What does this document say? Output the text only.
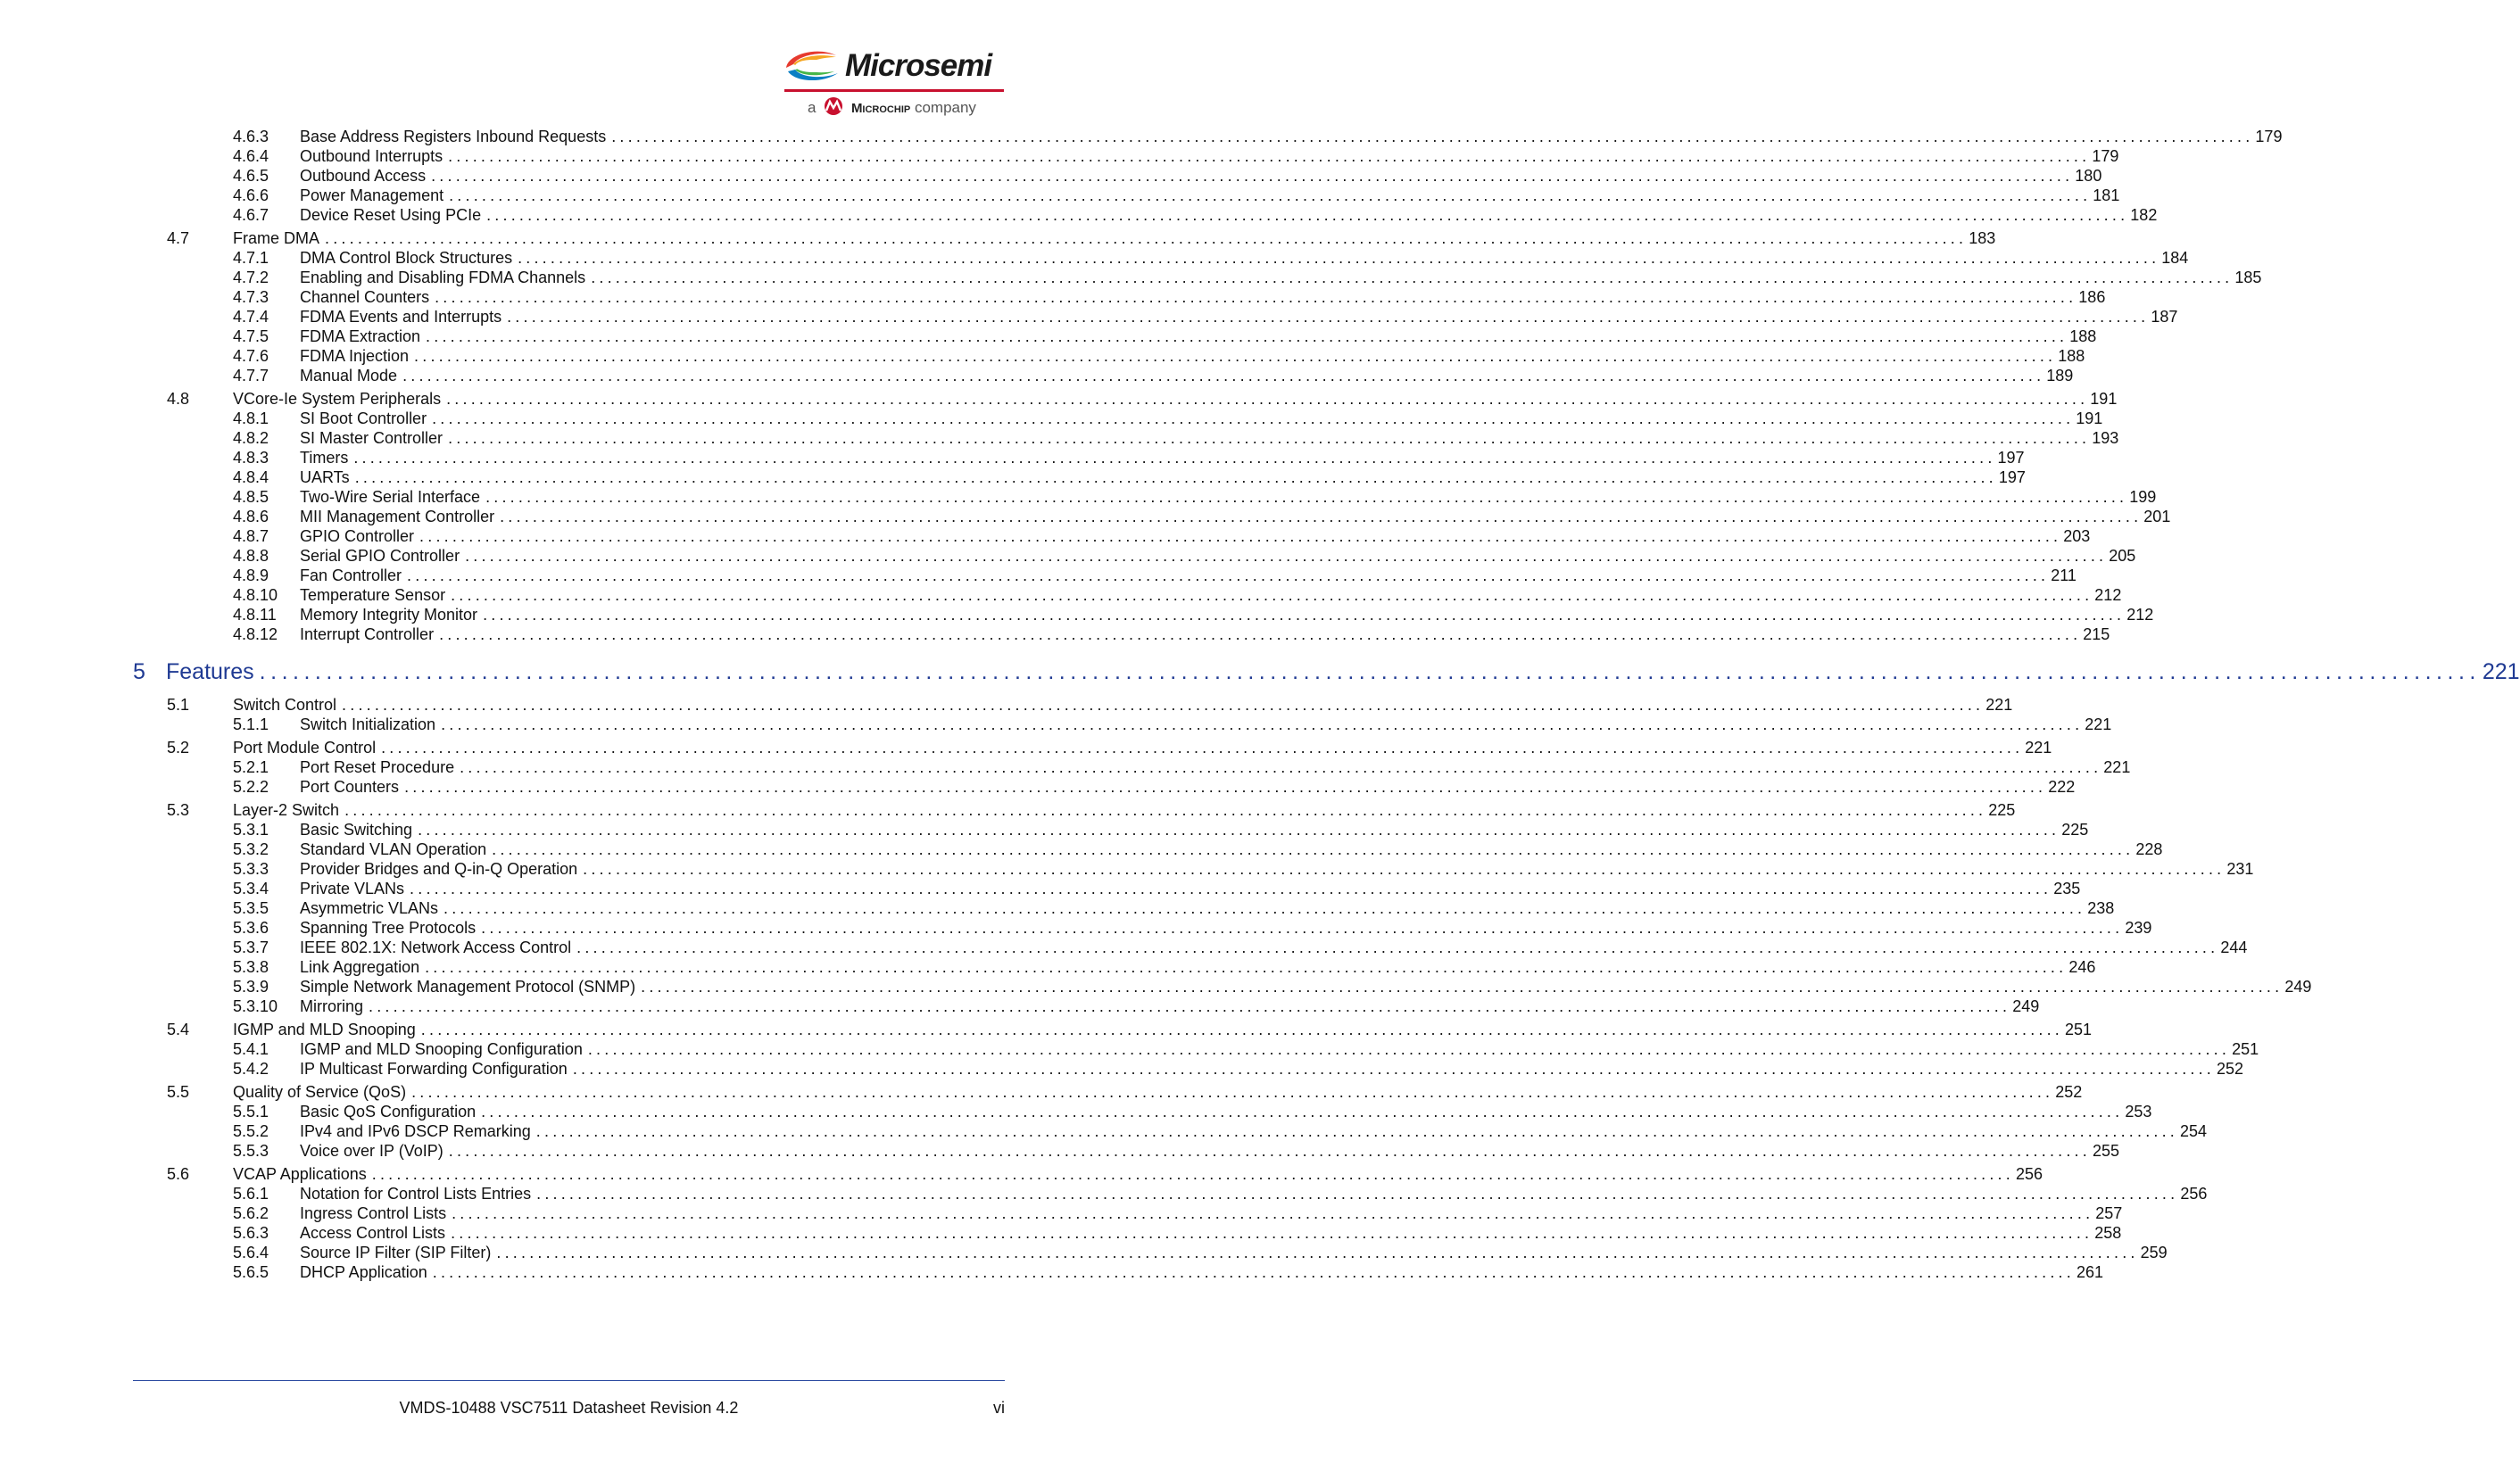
Microsemi
a	Microchip company
4.6.3 Base Address Registers Inbound Requests ........................................................................................................................................................................................................ 179
4.6.4 Outbound Interrupts ........................................................................................................................................................................................................ 179
4.6.5 Outbound Access ........................................................................................................................................................................................................ 180
4.6.6 Power Management ........................................................................................................................................................................................................ 181
4.6.7 Device Reset Using PCIe ........................................................................................................................................................................................................ 182
4.7	Frame DMA ........................................................................................................................................................................................................ 183
4.7.1 DMA Control Block Structures ........................................................................................................................................................................................................ 184
4.7.2 Enabling and Disabling FDMA Channels ........................................................................................................................................................................................................ 185
4.7.3 Channel Counters ........................................................................................................................................................................................................ 186
4.7.4 FDMA Events and Interrupts ........................................................................................................................................................................................................ 187
4.7.5 FDMA Extraction ........................................................................................................................................................................................................ 188
4.7.6 FDMA Injection ........................................................................................................................................................................................................ 188
4.7.7 Manual Mode ........................................................................................................................................................................................................ 189
4.8	VCore-Ie System Peripherals ........................................................................................................................................................................................................ 191
4.8.1 SI Boot Controller ........................................................................................................................................................................................................ 191
4.8.2 SI Master Controller ........................................................................................................................................................................................................ 193
4.8.3 Timers ........................................................................................................................................................................................................ 197
4.8.4 UARTs ........................................................................................................................................................................................................ 197
4.8.5 Two-Wire Serial Interface ........................................................................................................................................................................................................ 199
4.8.6 MII Management Controller ........................................................................................................................................................................................................ 201
4.8.7 GPIO Controller ........................................................................................................................................................................................................ 203
4.8.8 Serial GPIO Controller ........................................................................................................................................................................................................ 205
4.8.9 Fan Controller ........................................................................................................................................................................................................ 211
4.8.10 Temperature Sensor ........................................................................................................................................................................................................ 212
4.8.11 Memory Integrity Monitor ........................................................................................................................................................................................................ 212
4.8.12 Interrupt Controller ........................................................................................................................................................................................................ 215
5 Features ........................................................................................................................................................................................................ 221
5.1	Switch Control ........................................................................................................................................................................................................ 221
5.1.1 Switch Initialization ........................................................................................................................................................................................................ 221
5.2	Port Module Control ........................................................................................................................................................................................................ 221
5.2.1 Port Reset Procedure ........................................................................................................................................................................................................ 221
5.2.2 Port Counters ........................................................................................................................................................................................................ 222
5.3	Layer-2 Switch ........................................................................................................................................................................................................ 225
5.3.1 Basic Switching ........................................................................................................................................................................................................ 225
5.3.2 Standard VLAN Operation ........................................................................................................................................................................................................ 228
5.3.3 Provider Bridges and Q-in-Q Operation ........................................................................................................................................................................................................ 231
5.3.4 Private VLANs ........................................................................................................................................................................................................ 235
5.3.5 Asymmetric VLANs ........................................................................................................................................................................................................ 238
5.3.6 Spanning Tree Protocols ........................................................................................................................................................................................................ 239
5.3.7 IEEE 802.1X: Network Access Control ........................................................................................................................................................................................................ 244
5.3.8 Link Aggregation ........................................................................................................................................................................................................ 246
5.3.9 Simple Network Management Protocol (SNMP) ........................................................................................................................................................................................................ 249
5.3.10 Mirroring ........................................................................................................................................................................................................ 249
5.4	IGMP and MLD Snooping ........................................................................................................................................................................................................ 251
5.4.1 IGMP and MLD Snooping Configuration ........................................................................................................................................................................................................ 251
5.4.2 IP Multicast Forwarding Configuration ........................................................................................................................................................................................................ 252
5.5	Quality of Service (QoS) ........................................................................................................................................................................................................ 252
5.5.1 Basic QoS Configuration ........................................................................................................................................................................................................ 253
5.5.2 IPv4 and IPv6 DSCP Remarking ........................................................................................................................................................................................................ 254
5.5.3 Voice over IP (VoIP) ........................................................................................................................................................................................................ 255
5.6	VCAP Applications ........................................................................................................................................................................................................ 256
5.6.1 Notation for Control Lists Entries ........................................................................................................................................................................................................ 256
5.6.2 Ingress Control Lists ........................................................................................................................................................................................................ 257
5.6.3 Access Control Lists ........................................................................................................................................................................................................ 258
5.6.4 Source IP Filter (SIP Filter) ........................................................................................................................................................................................................ 259
5.6.5 DHCP Application ........................................................................................................................................................................................................ 261
VMDS-10488 VSC7511 Datasheet Revision 4.2	vi
